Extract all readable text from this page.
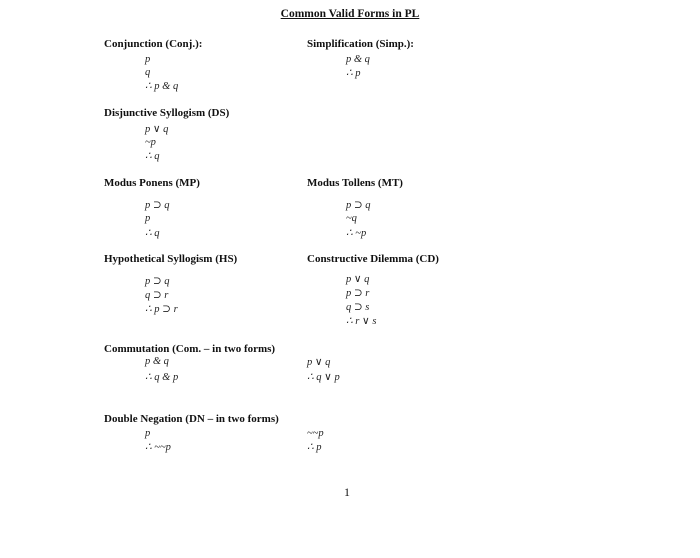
Common Valid Forms in PL
Conjunction (Conj.):
p
q
∴ p & q
Simplification (Simp.):
p & q
∴ p
Disjunctive Syllogism (DS)
p ∨ q
~p
∴ q
Modus Ponens (MP)
p ⊃ q
p
∴ q
Modus Tollens (MT)
p ⊃ q
~q
∴ ~p
Hypothetical Syllogism (HS)
p ⊃ q
q ⊃ r
∴ p ⊃ r
Constructive Dilemma (CD)
p ∨ q
p ⊃ r
q ⊃ s
∴ r ∨ s
Commutation (Com. – in two forms)
p & q
∴ q & p
p ∨ q
∴ q ∨ p
Double Negation (DN – in two forms)
p
∴ ~~p
~~p
∴ p
1
